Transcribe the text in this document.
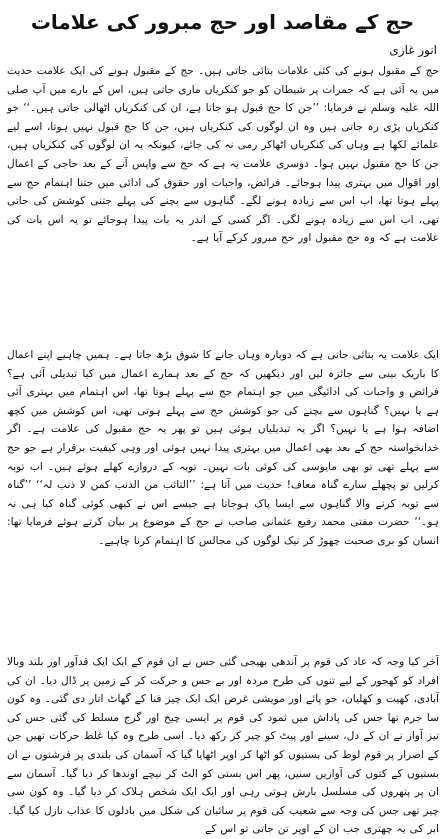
حج کے مقاصد اور حج مبرور کی علامات
انور غازی

حج کے مقبول ہونے کی کئی علامات بتائی جاتی ہیں۔ حج کے مقبول ہونے کی ایک علامت حدیث میں یہ آئی ہے کہ جمرات پر شیطان کو جو کنکریاں ماری جاتی ہیں، اس کے بارے میں آپ صلی اللہ علیہ وسلم نے فرمایا: ’’جن کا حج قبول ہو جاتا ہے، ان کی کنکریاں اٹھالی جاتی ہیں۔‘‘ جو کنکریاں پڑی رہ جاتی ہیں وہ ان لوگوں کی کنکریاں ہیں، جن کا حج قبول نہیں ہوتا، اسے لیے علمائے لکھا ہے وہاں کی کنکریاں اٹھاکر رمی نہ کی جائے، کیونکہ یہ ان لوگوں کی کنکریاں ہیں، جن کا حج مقبول نہیں ہوا۔ دوسری علامت یہ ہے کہ حج سے واپس آنے کے بعد حاجی کے اعمال اور اقوال میں بہتری پیدا ہوجائے۔ فرائض، واجبات اور حقوق کی ادائی میں جتنا اہتمام حج سے پہلے ہوتا تھا، اب اس سے زیادہ ہونے لگے۔ گناہوں سے بچنے کی پہلے جتنی کوشش کی جاتی تھی، اب اس سے زیادہ ہونے لگی۔ اگر کسی کے اندر یہ بات پیدا ہوجائے تو یہ اس بات کی علامت ہے کہ وہ حج مقبول اور حج مبرور کرکے آیا ہے۔

ایک علامت یہ بتائی جاتی ہے کہ دوبارہ وہاں جانے کا شوق بڑھ جاتا ہے۔ ہمیں چاہیے اپنے اعمال کا باریک بینی سے جائزہ لیں اور دیکھیں کہ حج کے بعد ہمارے اعمال میں کیا تبدیلی آئی ہے؟ فرائض و واجبات کی ادائیگی میں جو اہتمام حج سے پہلے ہوتا تھا، اس اہتمام میں بہتری آئی ہے یا نہیں؟ گناہوں سے بچنے کی جو کوشش حج سے پہلے ہوتی تھی، اس کوشش میں کچھ اضافہ ہوا ہے یا نہیں؟ اگر یہ تبدیلیاں ہوئی ہیں تو پھر یہ حج مقبول کی علامت ہے۔ اگر خدانخواستہ حج کے بعد بھی اعمال میں بہتری پیدا نہیں ہوئی اور وہی کیفیت برقرار ہے جو حج سے پہلے تھی تو بھی مایوسی کی کوئی بات نہیں۔ توبہ کے دروازے کھلے ہوئے ہیں۔ اب توبہ کرلیں تو پچھلے سارے گناہ معاف! حدیث میں آتا ہے: ’’التائب من الذنب کمن لا ذنب لہ‘‘ ’’گناہ سے توبہ کرنے والا گناہوں سے ایسا پاک ہوجاتا ہے جیسے اس نے کبھی کوئی گناہ کیا ہی نہ ہو۔‘‘ حضرت مفتی محمد رفیع عثمانی صاحب نے حج کے موضوع پر بیان کرتے ہوئے فرمایا تھا: انسان کو بری صحبت چھوڑ کر نیک لوگوں کی مجالس کا اہتمام کرنا چاہیے۔

آخر کیا وجہ کہ عاد کی قوم پر آندھی بھیجی گئی جس نے ان قوم کے ایک ایک قدآور اور بلند وبالا افراد کو کھجور کے لیے تنوں کی طرح مردہ اور بے حس و حرکت کر کے زمین پر ڈال دیا۔ ان کی آبادی، کھیت و کھلیان، جو پائے اور مویشی غرض ایک ایک چیز فنا کے گھاٹ اتار دی گئی۔ وہ کون سا جرم تھا جس کی پاداش میں ثمود کی قوم پر ایسی چیخ اور گرج مسلط کی گئی جس کی تیز آواز نے ان کے دل، سینے اور پیٹ کو چیر کر رکھ دیا۔ اسی طرح وہ کیا غلط حرکات تھیں جن کے اصرار پر قوم لوط کی بستیوں کو اٹھا کر اوپر اٹھایا گیا کہ آسمان کی بلندی پر فرشتوں نے ان بستیوں کے کتوں کی آوازیں سنیں، پھر اس بستی کو الٹ کر نیچے اوندھا کر دیا گیا۔ آسمان سے ان پر پتھروں کی مسلسل بارش ہوتی رہی اور ایک ایک شخص ہلاک کر دیا گیا۔ وہ کون سی چیز تھی جس کی وجہ سے شعیب کی قوم پر سائبان کی شکل میں بادلوں کا عذاب نازل کیا گیا۔ ابر کی یہ چھتری جب ان کے اوپر تن جاتی تو اس کے
